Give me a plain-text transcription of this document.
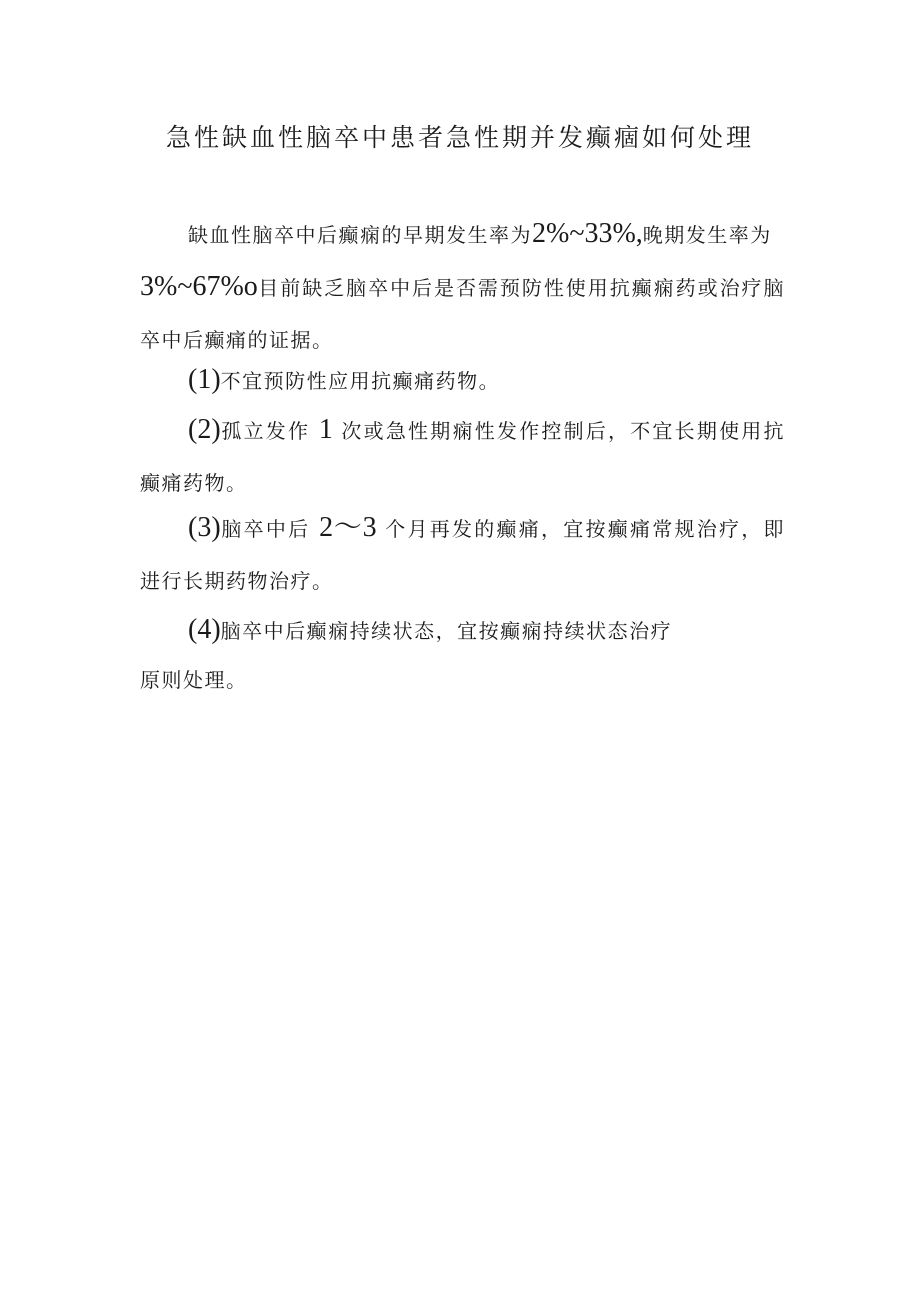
急性缺血性脑卒中患者急性期并发癫痼如何处理
缺血性脑卒中后癫痫的早期发生率为2%~33%,晚期发生率为
3%~67%o目前缺乏脑卒中后是否需预防性使用抗癫痫药或治疗脑卒中后癫痛的证据。
(1)不宜预防性应用抗癫痛药物。
(2)孤立发作 1 次或急性期痫性发作控制后，不宜长期使用抗癫痛药物。
(3)脑卒中后 2～3 个月再发的癫痛，宜按癫痛常规治疗，即进行长期药物治疗。
(4)脑卒中后癫痫持续状态，宜按癫痫持续状态治疗
原则处理。
